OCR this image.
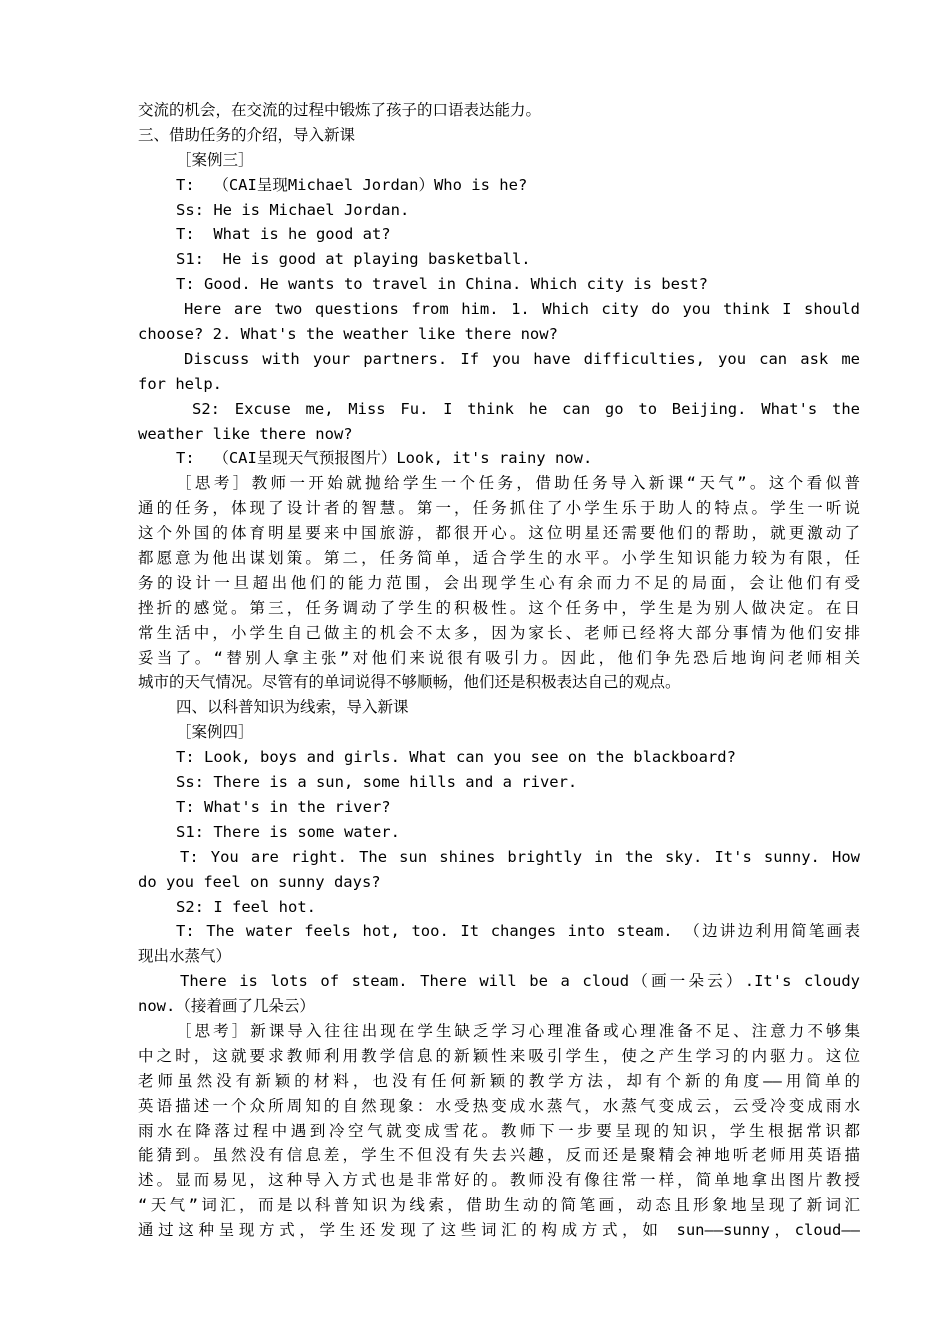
交流的机会，在交流的过程中锻炼了孩子的口语表达能力。
三、借助任务的介绍，导入新课
［案例三］
T:  （CAI呈现Michael Jordan）Who is he?
Ss: He is Michael Jordan.
T:  What is he good at?
S1:  He is good at playing basketball.
T: Good. He wants to travel in China. Which city is best?
Here are two questions from him. 1. Which city do you think I should
choose? 2. What's the weather like there now?
Discuss with your partners. If you have difficulties, you can ask me
for help.
S2: Excuse me, Miss Fu. I think he can go to Beijing. What's the
weather like there now?
T:  （CAI呈现天气预报图片）Look, it's rainy now.
［思考］教师一开始就抛给学生一个任务，借助任务导入新课“天气”。这个看似普
通的任务，体现了设计者的智慧。第一，任务抓住了小学生乐于助人的特点。学生一听说
这个外国的体育明星要来中国旅游，都很开心。这位明星还需要他们的帮助，就更激动了
都愿意为他出谋划策。第二，任务简单，适合学生的水平。小学生知识能力较为有限，任
务的设计一旦超出他们的能力范围，会出现学生心有余而力不足的局面，会让他们有受
挫折的感觉。第三，任务调动了学生的积极性。这个任务中，学生是为别人做决定。在日
常生活中，小学生自己做主的机会不太多，因为家长、老师已经将大部分事情为他们安排
妥当了。“替别人拿主张”对他们来说很有吸引力。因此，他们争先恐后地询问老师相关
城市的天气情况。尽管有的单词说得不够顺畅，他们还是积极表达自己的观点。
四、以科普知识为线索，导入新课
［案例四］
T: Look, boys and girls. What can you see on the blackboard?
Ss: There is a sun, some hills and a river.
T: What's in the river?
S1: There is some water.
T: You are right. The sun shines brightly in the sky. It's sunny. How
do you feel on sunny days?
S2: I feel hot.
T: The water feels hot, too. It changes into steam. （边讲边利用简笔画表
现出水蒸气）
There is lots of steam. There will be a cloud（画一朵云）.It's cloudy
now.（接着画了几朵云）
［思考］新课导入往往出现在学生缺乏学习心理准备或心理准备不足、注意力不够集
中之时，这就要求教师利用教学信息的新颖性来吸引学生，使之产生学习的内驱力。这位
老师虽然没有新颖的材料，也没有任何新颖的教学方法，却有个新的角度——用简单的
英语描述一个众所周知的自然现象：水受热变成水蒸气，水蒸气变成云，云受冷变成雨水
雨水在降落过程中遇到冷空气就变成雪花。教师下一步要呈现的知识，学生根据常识都
能猜到。虽然没有信息差，学生不但没有失去兴趣，反而还是聚精会神地听老师用英语描
述。显而易见，这种导入方式也是非常好的。教师没有像往常一样，简单地拿出图片教授
“天气”词汇，而是以科普知识为线索，借助生动的简笔画，动态且形象地呈现了新词汇
通过这种呈现方式，学生还发现了这些词汇的构成方式，如 sun——sunny，cloud——
